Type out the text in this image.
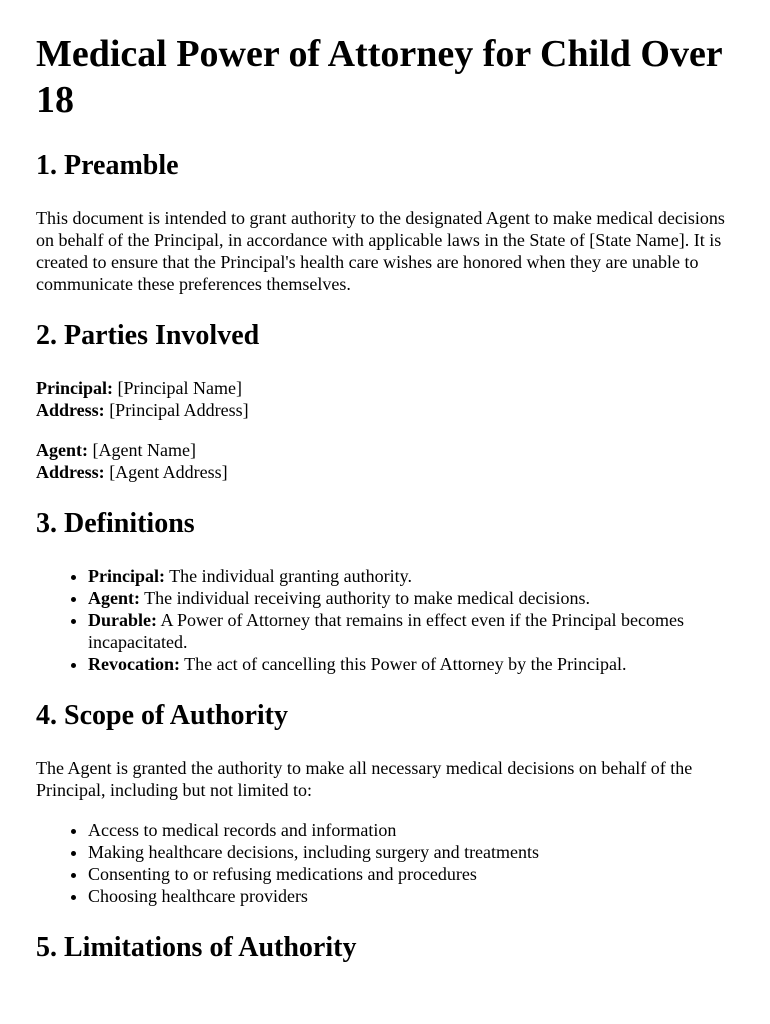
Medical Power of Attorney for Child Over 18
1. Preamble

This document is intended to grant authority to the designated Agent to make medical decisions on behalf of the Principal, in accordance with applicable laws in the State of [State Name]. It is created to ensure that the Principal's health care wishes are honored when they are unable to communicate these preferences themselves.

2. Parties Involved
Principal: [Principal Name]
Address: [Principal Address]
Agent: [Agent Name]
Address: [Agent Address]
3. Definitions
• Principal: The individual granting authority.
• Agent: The individual receiving authority to make medical decisions.
• Durable: A Power of Attorney that remains in effect even if the Principal becomes incapacitated.
• Revocation: The act of cancelling this Power of Attorney by the Principal.
4. Scope of Authority

The Agent is granted the authority to make all necessary medical decisions on behalf of the Principal, including but not limited to:

• Access to medical records and information
• Making healthcare decisions, including surgery and treatments
• Consenting to or refusing medications and procedures
• Choosing healthcare providers
5. Limitations of Authority
